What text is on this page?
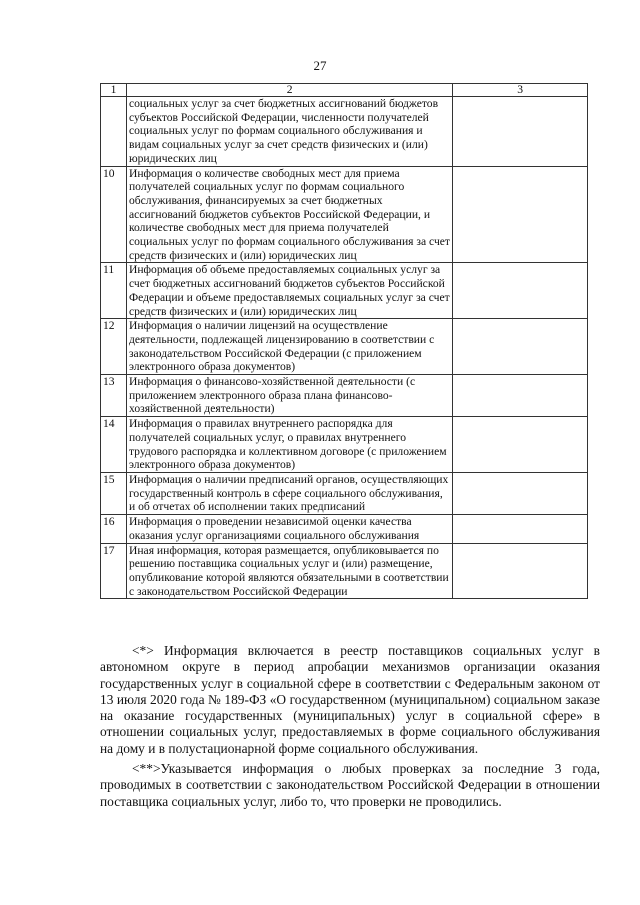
27
1	2	3
	социальных услуг за счет бюджетных ассигнований бюджетов субъектов Российской Федерации, численности получателей социальных услуг по формам социального обслуживания и видам социальных услуг за счет средств физических и (или) юридических лиц	
10	Информация о количестве свободных мест для приема получателей социальных услуг по формам социального обслуживания, финансируемых за счет бюджетных ассигнований бюджетов субъектов Российской Федерации, и количестве свободных мест для приема получателей социальных услуг по формам социального обслуживания за счет средств физических и (или) юридических лиц	
11	Информация об объеме предоставляемых социальных услуг за счет бюджетных ассигнований бюджетов субъектов Российской Федерации и объеме предоставляемых социальных услуг за счет средств физических и (или) юридических лиц	
12	Информация о наличии лицензий на осуществление деятельности, подлежащей лицензированию в соответствии с законодательством Российской Федерации (с приложением электронного образа документов)	
13	Информация о финансово-хозяйственной деятельности (с приложением электронного образа плана финансово-хозяйственной деятельности)	
14	Информация о правилах внутреннего распорядка для получателей социальных услуг, о правилах внутреннего трудового распорядка и коллективном договоре (с приложением электронного образа документов)	
15	Информация о наличии предписаний органов, осуществляющих государственный контроль в сфере социального обслуживания, и об отчетах об исполнении таких предписаний	
16	Информация о проведении независимой оценки качества оказания услуг организациями социального обслуживания	
17	Иная информация, которая размещается, опубликовывается по решению поставщика социальных услуг и (или) размещение, опубликование которой являются обязательными в соответствии с законодательством Российской Федерации	

<*> Информация включается в реестр поставщиков социальных услуг в автономном округе в период апробации механизмов организации оказания государственных услуг в социальной сфере в соответствии с Федеральным законом от 13 июля 2020 года № 189-ФЗ «О государственном (муниципальном) социальном заказе на оказание государственных (муниципальных) услуг в социальной сфере» в отношении социальных услуг, предоставляемых в форме социального обслуживания на дому и в полустационарной форме социального обслуживания.

<**>Указывается информация о любых проверках за последние 3 года, проводимых в соответствии с законодательством Российской Федерации в отношении поставщика социальных услуг, либо то, что проверки не проводились.
